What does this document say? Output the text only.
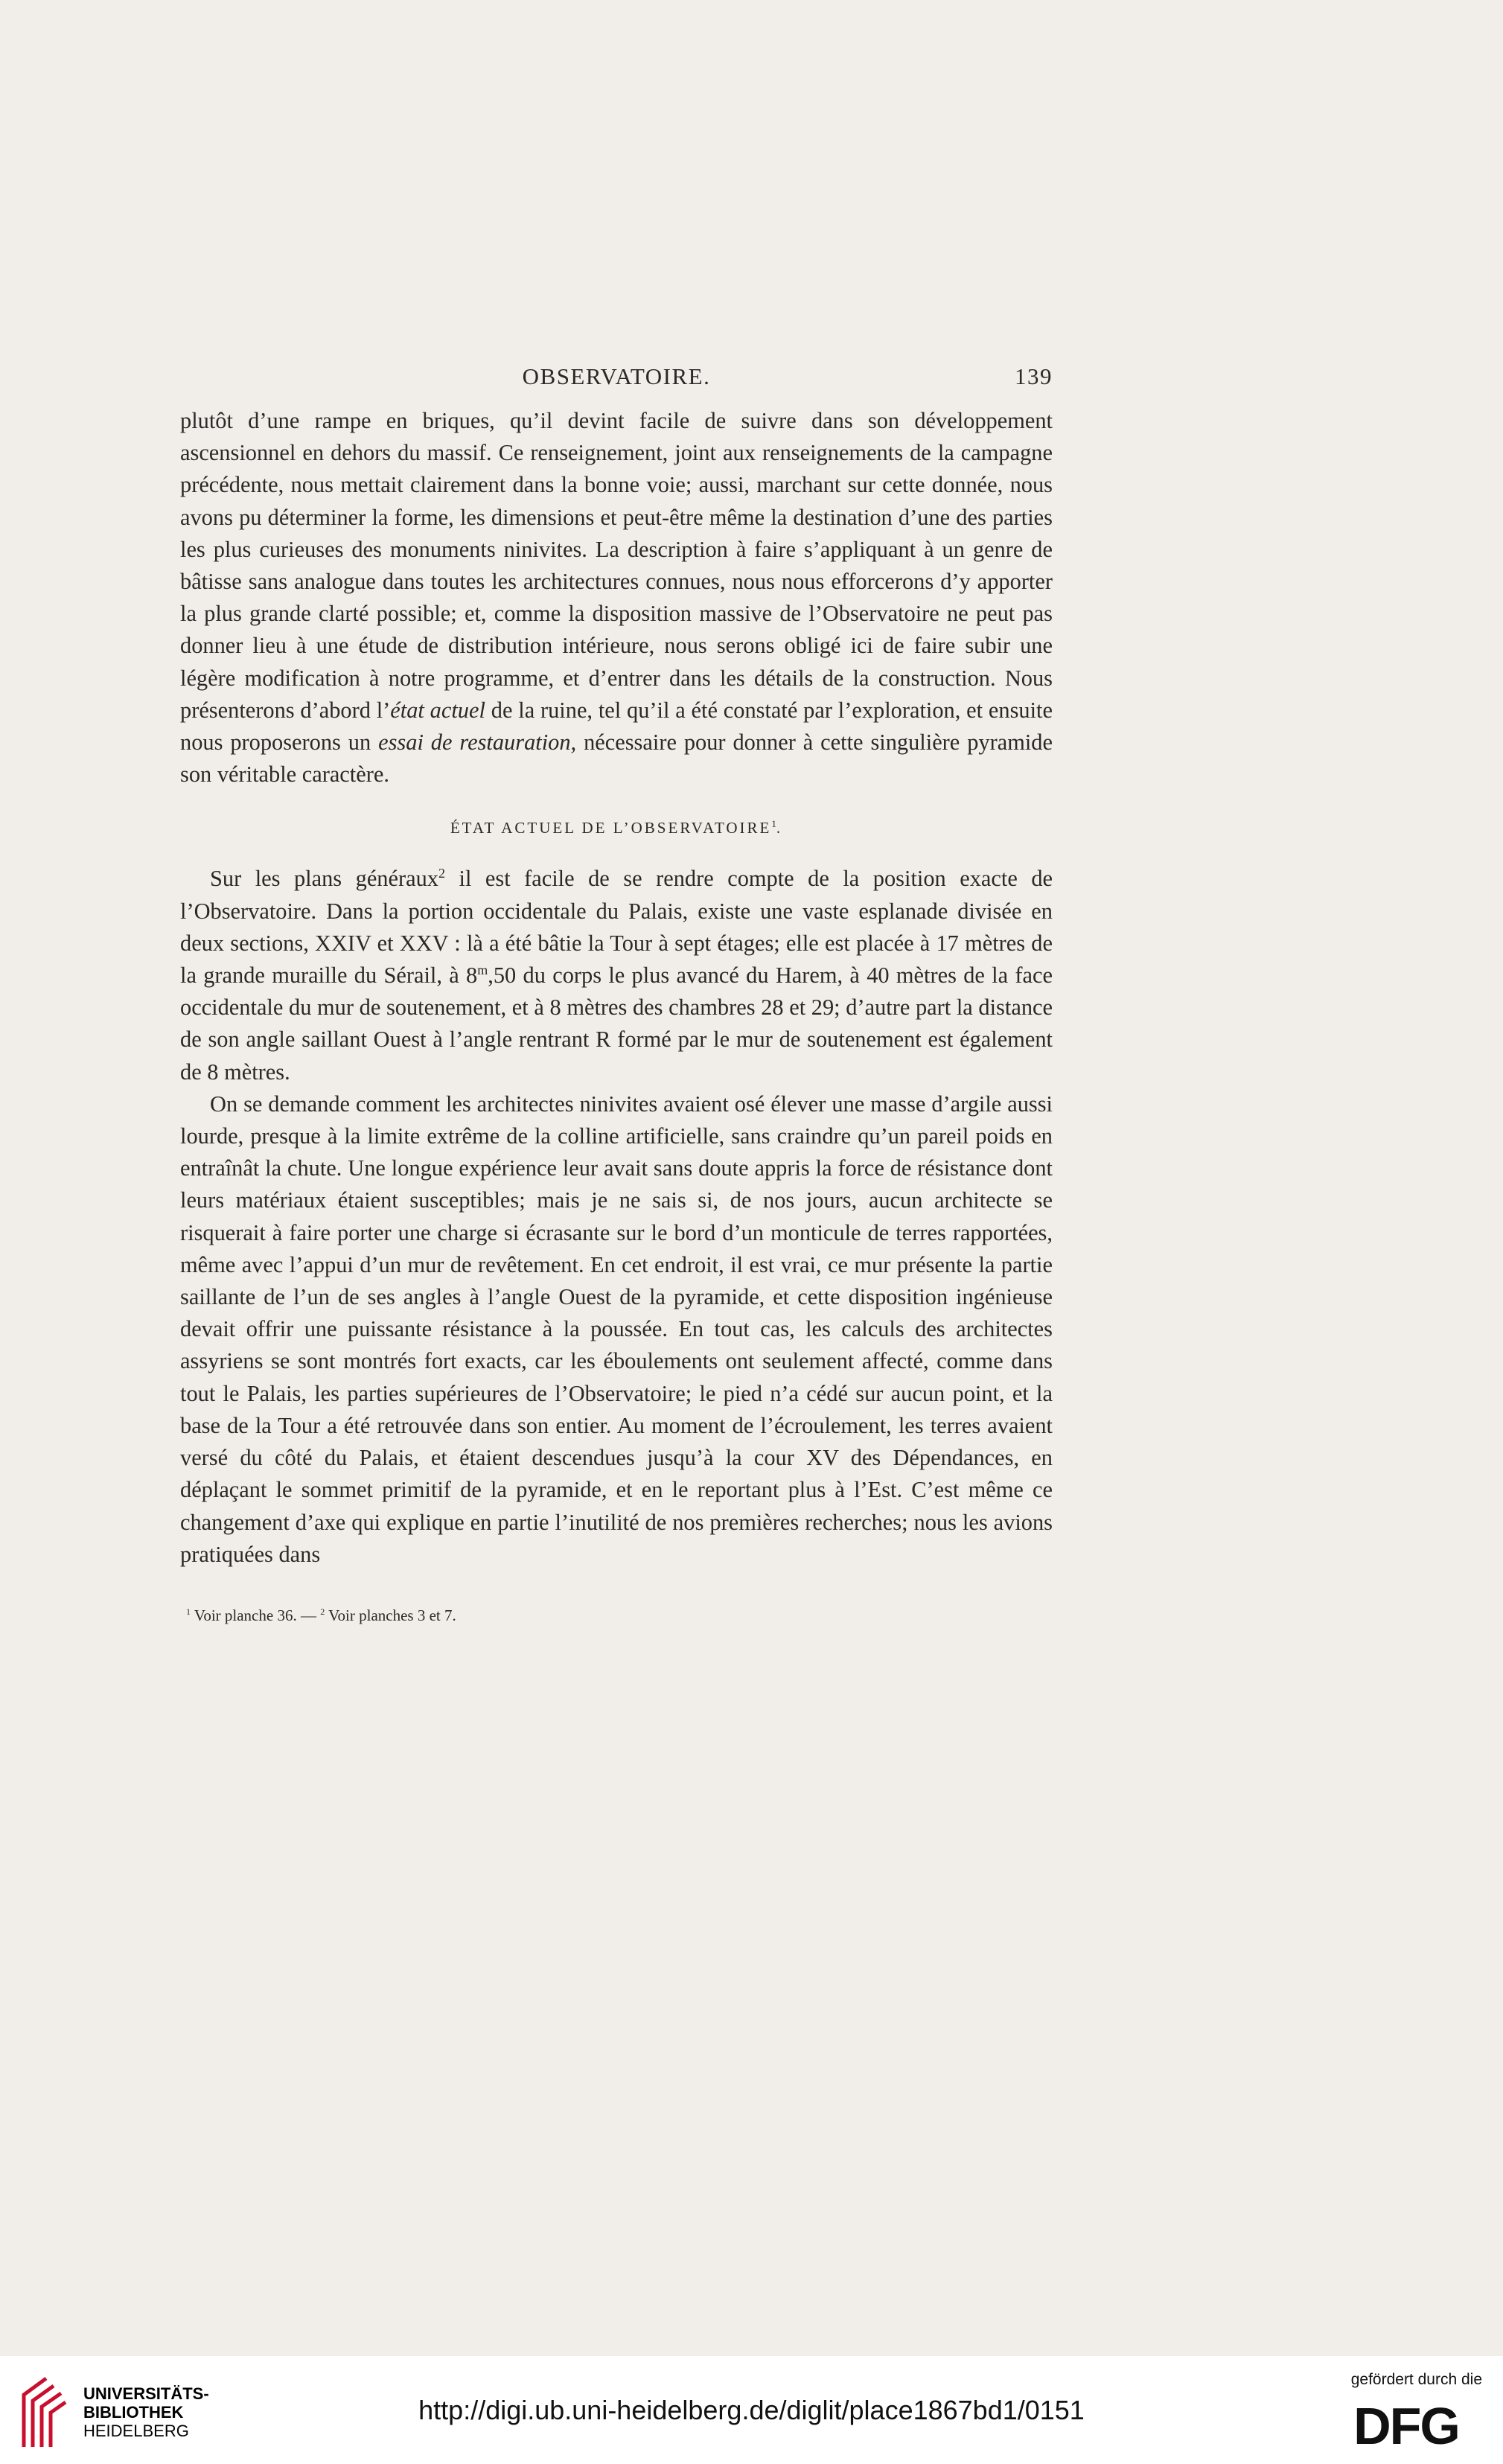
OBSERVATOIRE.	139

plutôt d’une rampe en briques, qu’il devint facile de suivre dans son développement ascensionnel en dehors du massif. Ce renseignement, joint aux renseignements de la campagne précédente, nous mettait clairement dans la bonne voie; aussi, marchant sur cette donnée, nous avons pu déterminer la forme, les dimensions et peut-être même la destination d’une des parties les plus curieuses des monuments ninivites. La description à faire s’appliquant à un genre de bâtisse sans analogue dans toutes les architectures connues, nous nous efforcerons d’y apporter la plus grande clarté possible; et, comme la disposition massive de l’Observatoire ne peut pas donner lieu à une étude de distribution intérieure, nous serons obligé ici de faire subir une légère modification à notre programme, et d’entrer dans les détails de la construction. Nous présenterons d’abord l’état actuel de la ruine, tel qu’il a été constaté par l’exploration, et ensuite nous proposerons un essai de restauration, nécessaire pour donner à cette singulière pyramide son véritable caractère.

ÉTAT ACTUEL DE L’OBSERVATOIRE$^1$.

Sur les plans généraux$^2$ il est facile de se rendre compte de la position exacte de l’Observatoire. Dans la portion occidentale du Palais, existe une vaste esplanade divisée en deux sections, XXIV et XXV : là a été bâtie la Tour à sept étages; elle est placée à 17 mètres de la grande muraille du Sérail, à 8$^m$,50 du corps le plus avancé du Harem, à 40 mètres de la face occidentale du mur de soutenement, et à 8 mètres des chambres 28 et 29; d’autre part la distance de son angle saillant Ouest à l’angle rentrant R formé par le mur de soutenement est également de 8 mètres.

On se demande comment les architectes ninivites avaient osé élever une masse d’argile aussi lourde, presque à la limite extrême de la colline artificielle, sans craindre qu’un pareil poids en entraînât la chute. Une longue expérience leur avait sans doute appris la force de résistance dont leurs matériaux étaient susceptibles; mais je ne sais si, de nos jours, aucun architecte se risquerait à faire porter une charge si écrasante sur le bord d’un monticule de terres rapportées, même avec l’appui d’un mur de revêtement. En cet endroit, il est vrai, ce mur présente la partie saillante de l’un de ses angles à l’angle Ouest de la pyramide, et cette disposition ingénieuse devait offrir une puissante résistance à la poussée. En tout cas, les calculs des architectes assyriens se sont montrés fort exacts, car les éboulements ont seulement affecté, comme dans tout le Palais, les parties supérieures de l’Observatoire; le pied n’a cédé sur aucun point, et la base de la Tour a été retrouvée dans son entier. Au moment de l’écroulement, les terres avaient versé du côté du Palais, et étaient descendues jusqu’à la cour XV des Dépendances, en déplaçant le sommet primitif de la pyramide, et en le reportant plus à l’Est. C’est même ce changement d’axe qui explique en partie l’inutilité de nos premières recherches; nous les avions pratiquées dans

$^1$ Voir planche 36. — $^2$ Voir planches 3 et 7.
UNIVERSITÄTS-
BIBLIOTHEK
HEIDELBERG
http://digi.ub.uni-heidelberg.de/diglit/place1867bd1/0151
gefördert durch die
DFG
